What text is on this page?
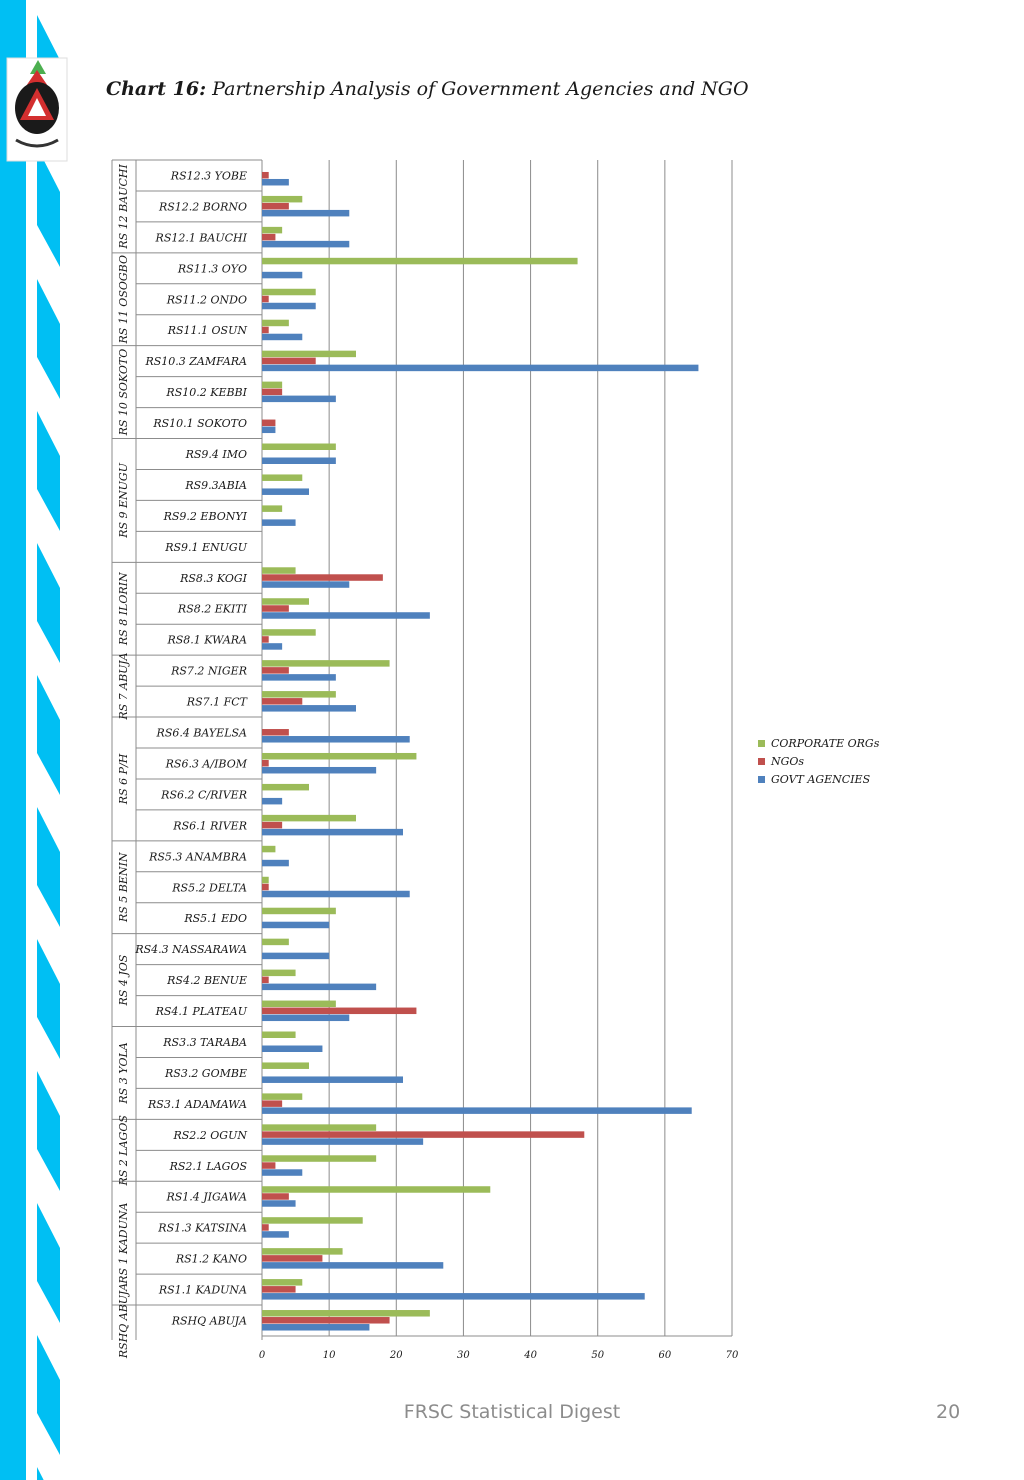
RSHQ ABUJA
RS1.1 KADUNA
RS1.2 KANO
RS1.3 KATSINA
RS1.4 JIGAWA
RS2.1 LAGOS
RS2.2 OGUN
RS3.1 ADAMAWA
RS3.2 GOMBE
RS3.3 TARABA
RS4.1 PLATEAU
RS4.2 BENUE
RS4.3 NASSARAWA
RS5.1 EDO
RS5.2 DELTA
RS5.3 ANAMBRA
RS6.1 RIVER
RS6.2 C/RIVER
RS6.3 A/IBOM
RS6.4 BAYELSA
RS7.1 FCT
RS7.2 NIGER
RS8.1 KWARA
RS8.2 EKITI
RS8.3 KOGI
RS9.1 ENUGU
RS9.2 EBONYI
RS9.3ABIA
RS9.4 IMO
RS10.1 SOKOTO
RS10.2 KEBBI
RS10.3 ZAMFARA
RS11.1 OSUN
RS11.2 ONDO
RS11.3 OYO
RS12.1 BAUCHI
RS12.2 BORNO
RS12.3 YOBE
RSHQ ABUJA
RS 1 KADUNA
RS 2 LAGOS
RS 3 YOLA
RS 4 JOS
RS 5 BENIN
RS 6 P/H
RS 7 ABUJA
RS 8 ILORIN
RS 9 ENUGU
RS 10 SOKOTO
RS 11 OSOGBO
RS 12 BAUCHI
0	10	20	30	40	50	60	70
CORPORATE ORGs
NGOs
GOVT AGENCIES
Chart 16: Partnership Analysis of Government Agencies and NGO
FRSC Statistical Digest	20
